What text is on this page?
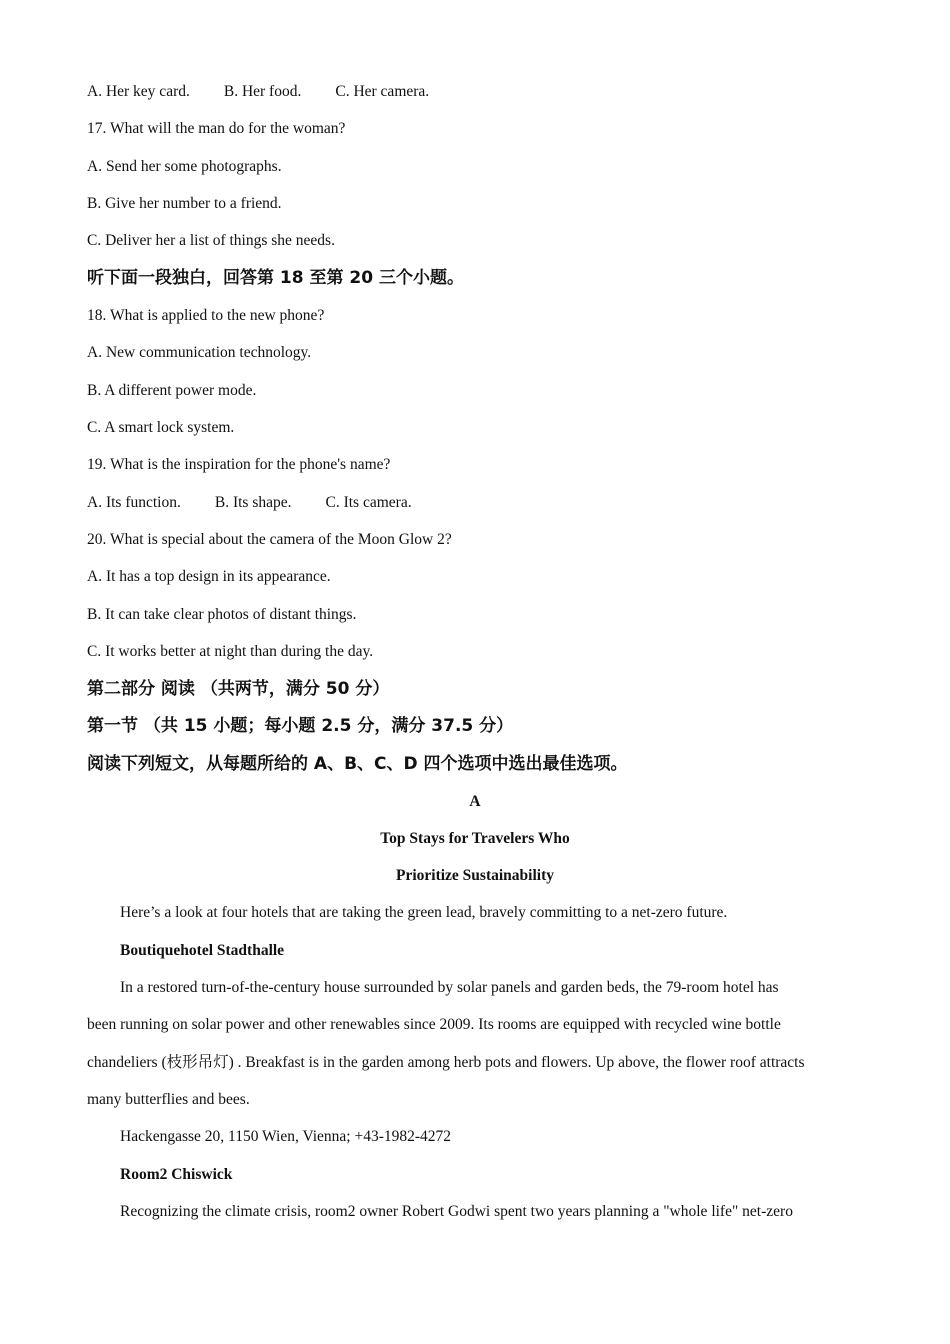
A. Her key card. B. Her food. C. Her camera.
17. What will the man do for the woman?
A. Send her some photographs.
B. Give her number to a friend.
C. Deliver her a list of things she needs.
听下面一段独白，回答第 18 至第 20 三个小题。
18. What is applied to the new phone?
A. New communication technology.
B. A different power mode.
C. A smart lock system.
19. What is the inspiration for the phone's name?
A. Its function. B. Its shape. C. Its camera.
20. What is special about the camera of the Moon Glow 2?
A. It has a top design in its appearance.
B. It can take clear photos of distant things.
C. It works better at night than during the day.
第二部分 阅读 （共两节，满分 50 分）
第一节 （共 15 小题；每小题 2.5 分，满分 37.5 分）
阅读下列短文，从每题所给的 A、B、C、D 四个选项中选出最佳选项。
A
Top Stays for Travelers Who
Prioritize Sustainability
Here’s a look at four hotels that are taking the green lead, bravely committing to a net-zero future.
Boutiquehotel Stadthalle
In a restored turn-of-the-century house surrounded by solar panels and garden beds, the 79-room hotel has
been running on solar power and other renewables since 2009. Its rooms are equipped with recycled wine bottle
chandeliers (枝形吊灯) . Breakfast is in the garden among herb pots and flowers. Up above, the flower roof attracts
many butterflies and bees.
Hackengasse 20, 1150 Wien, Vienna; +43-1982-4272
Room2 Chiswick
Recognizing the climate crisis, room2 owner Robert Godwi spent two years planning a "whole life" net-zero
